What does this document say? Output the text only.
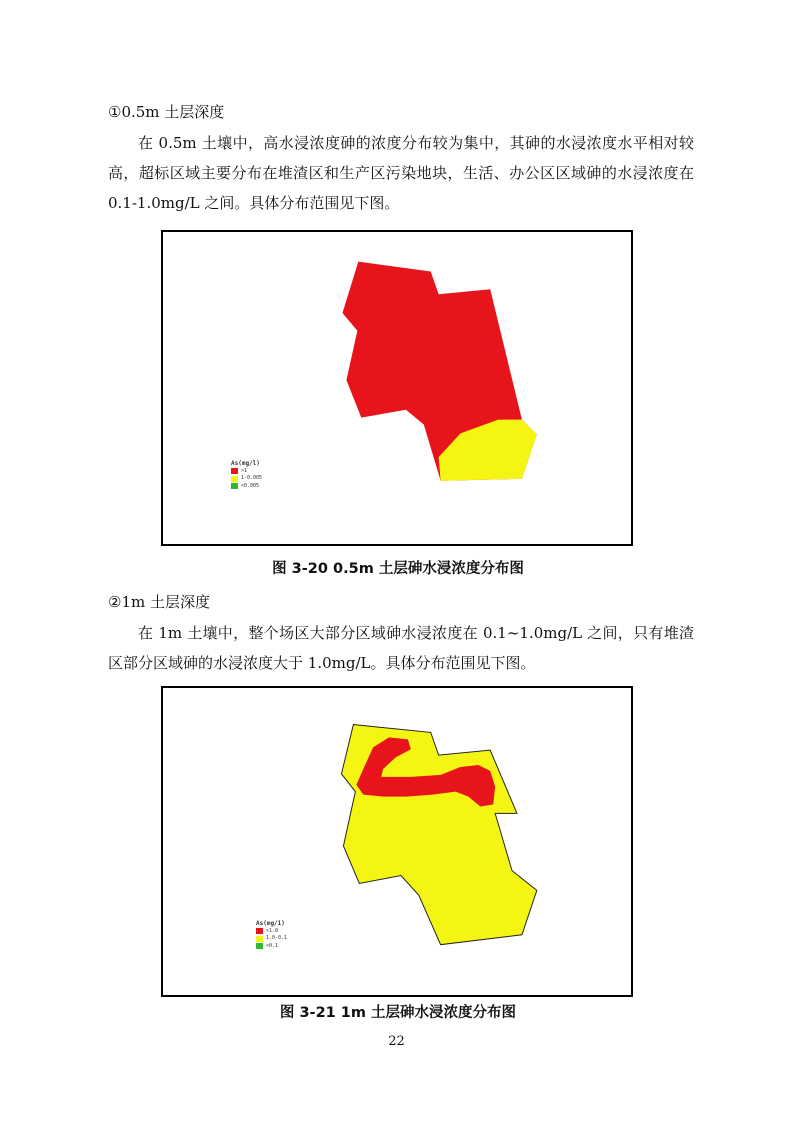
①0.5m 土层深度
在 0.5m 土壤中，高水浸浓度砷的浓度分布较为集中，其砷的水浸浓度水平相对较高，超标区域主要分布在堆渣区和生产区污染地块，生活、办公区区域砷的水浸浓度在 0.1-1.0mg/L 之间。具体分布范围见下图。
As(mg/l)
>1
1-0.005
<0.005
图 3-20 0.5m 土层砷水浸浓度分布图
②1m 土层深度
在 1m 土壤中，整个场区大部分区域砷水浸浓度在 0.1~1.0mg/L 之间，只有堆渣区部分区域砷的水浸浓度大于 1.0mg/L。具体分布范围见下图。
As(mg/1)
>1.0
1.0-0.1
<0.1
图 3-21 1m 土层砷水浸浓度分布图
22
